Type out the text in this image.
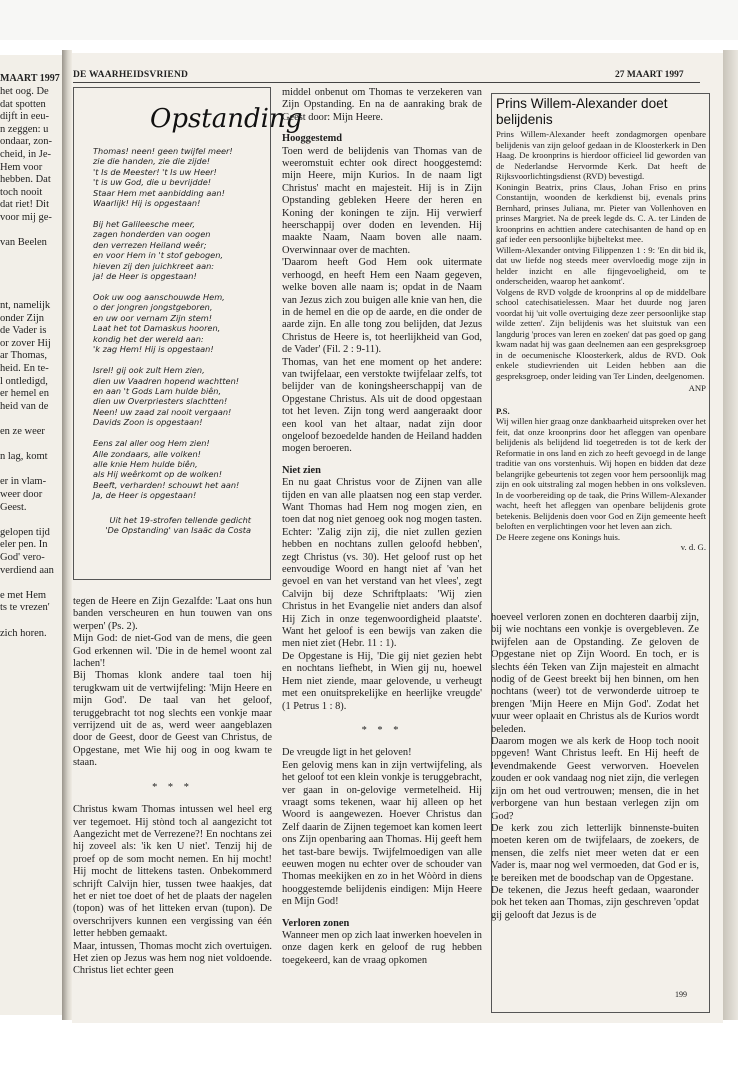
MAART 1997
het oog. De
dat spotten
dijft in eeu-
n zeggen: u
ondaar, zon-
cheid, in Je-
Hem voor
hebben. Dat
toch nooit
dat riet! Dit
voor mij ge-

van Beelen

nt, namelijk
onder Zijn
de Vader is
or zover Hij
ar Thomas,
heid. En te-
l ontledigd,
er hemel en
heid van de

en ze weer

n lag, komt

er in vlam-
weer door
Geest.

gelopen tijd
eler pen. In
God' vero-
verdiend aan

e met Hem
ts te vrezen'

zich horen.
DE WAARHEIDSVRIEND	27 MAART 1997
Opstanding
Thomas! neen! geen twijfel meer!
zie die handen, zie die zijde!
't Is de Meester! 't Is uw Heer!
't is uw God, die u bevrijdde!
Staar Hem met aanbidding aan!
Waarlijk! Hij is opgestaan!
Bij het Galileesche meer,
zagen honderden van oogen
den verrezen Heiland weêr;
en voor Hem in 't stof gebogen,
hieven zij den juichkreet aan:
ja! de Heer is opgestaan!
Ook uw oog aanschouwde Hem,
o der jongren jongstgeboren,
en uw oor vernam Zijn stem!
Laat het tot Damaskus hooren,
kondig het der wereld aan:
'k zag Hem! Hij is opgestaan!
Isrel! gij ook zult Hem zien,
dien uw Vaadren hopend wachtten!
en aan 't Gods Lam hulde biên,
dien uw Overpriesters slachtten!
Neen! uw zaad zal nooit vergaan!
Davids Zoon is opgestaan!
Eens zal aller oog Hem zien!
Alle zondaars, alle volken!
alle knie Hem hulde biên,
als Hij weêrkomt op de wolken!
Beeft, verharden! schouwt het aan!
Ja, de Heer is opgestaan!
Uit het 19-strofen tellende gedicht
'De Opstanding' van Isaäc da Costa

tegen de Heere en Zijn Gezalfde: 'Laat ons hun banden verscheuren en hun touwen van ons werpen' (Ps. 2).

Mijn God: de niet-God van de mens, die geen God erkennen wil. 'Die in de hemel woont zal lachen'!

Bij Thomas klonk andere taal toen hij terugkwam uit de vertwijfeling: 'Mijn Heere en mijn God'. De taal van het geloof, teruggebracht tot nog slechts een vonkje maar verrijzend uit de as, werd weer aangeblazen door de Geest, door de Geest van Christus, de Opgestane, met Wie hij oog in oog kwam te staan.

* * *

Christus kwam Thomas intussen wel heel erg ver tegemoet. Hij stònd toch al aangezicht tot Aangezicht met de Verrezene?! En nochtans zei hij zoveel als: 'ik ken U niet'. Tenzij hij de proef op de som mocht nemen. En hij mocht! Hij mocht de littekens tasten. Onbekommerd schrijft Calvijn hier, tussen twee haakjes, dat het er niet toe doet of het de plaats der nagelen (topon) was of het litteken ervan (tupon). De overschrijvers kunnen een vergissing van één letter hebben gemaakt.

Maar, intussen, Thomas mocht zich overtuigen. Het zien op Jezus was hem nog niet voldoende. Christus liet echter geen

middel onbenut om Thomas te verzekeren van Zijn Opstanding. En na de aanraking brak de Geest door: Mijn Heere.

Hooggestemd

Toen werd de belijdenis van Thomas van de weeromstuit echter ook direct hooggestemd: mijn Heere, mijn Kurios. In de naam ligt Christus' macht en majesteit. Hij is in Zijn Opstanding gebleken Heere der heren en Koning der koningen te zijn. Hij verwierf heerschappij over doden en levenden. Hij maakte Naam, Naam boven alle naam. Overwinnaar over de machten.

'Daarom heeft God Hem ook uitermate verhoogd, en heeft Hem een Naam gegeven, welke boven alle naam is; opdat in de Naam van Jezus zich zou buigen alle knie van hen, die in de hemel en die op de aarde, en die onder de aarde zijn. En alle tong zou belijden, dat Jezus Christus de Heere is, tot heerlijkheid van God, de Vader' (Fil. 2 : 9-11).

Thomas, van het ene moment op het andere: van twijfelaar, een verstokte twijfelaar zelfs, tot belijder van de koningsheerschappij van de Opgestane Christus. Als uit de dood opgestaan tot het leven. Zijn tong werd aangeraakt door een kool van het altaar, nadat zijn door ongeloof bezoedelde handen de Heiland hadden mogen beroeren.

Niet zien

En nu gaat Christus voor de Zijnen van alle tijden en van alle plaatsen nog een stap verder. Want Thomas had Hem nog mogen zien, en toen dat nog niet genoeg ook nog mogen tasten. Echter: 'Zalig zijn zij, die niet zullen gezien hebben en nochtans zullen geloofd hebben', zegt Christus (vs. 30). Het geloof rust op het eenvoudige Woord en hangt niet af 'van het gevoel en van het verstand van het vlees', zegt Calvijn bij deze Schriftplaats: 'Wij zien Christus in het Evangelie niet anders dan alsof Hij Zich in onze tegenwoordigheid plaatste'. Want het geloof is een bewijs van zaken die men niet ziet (Hebr. 11 : 1).

De Opgestane is Hij, 'Die gij niet gezien hebt en nochtans liefhebt, in Wien gij nu, hoewel Hem niet ziende, maar gelovende, u verheugt met een onuitsprekelijke en heerlijke vreugde' (1 Petrus 1 : 8).

* * *

De vreugde ligt in het geloven!

Een gelovig mens kan in zijn vertwijfeling, als het geloof tot een klein vonkje is teruggebracht, ver gaan in on-gelovige vermetelheid. Hij vraagt soms tekenen, waar hij alleen op het Woord is aangewezen. Hoever Christus dan Zelf daarin de Zijnen tegemoet kan komen leert ons Zijn openbaring aan Thomas. Hij geeft hem het tast-bare bewijs. Twijfelmoedigen van alle eeuwen mogen nu echter over de schouder van Thomas meekijken en zo in het Wòòrd in diens hooggestemde belijdenis eindigen: Mijn Heere en Mijn God!

Verloren zonen

Wanneer men op zich laat inwerken hoevelen in onze dagen kerk en geloof de rug hebben toegekeerd, kan de vraag opkomen

hoeveel verloren zonen en dochteren daarbij zijn, bij wie nochtans een vonkje is overgebleven. Ze twijfelen aan de Opstanding. Ze geloven de Opgestane niet op Zijn Woord. En toch, er is slechts één Teken van Zijn majesteit en almacht nodig of de Geest breekt bij hen binnen, om hen nochtans (weer) tot de verwonderde uitroep te brengen 'Mijn Heere en Mijn God'. Zodat het vuur weer oplaait en Christus als de Kurios wordt beleden.

Daarom mogen we als kerk de Hoop toch nooit opgeven! Want Christus leeft. En Hij heeft de levendmakende Geest verworven. Hoevelen zouden er ook vandaag nog niet zijn, die verlegen zijn om het oud vertrouwen; mensen, die in het verborgene van hun bestaan verlegen zijn om God?

De kerk zou zich letterlijk binnenste-buiten moeten keren om de twijfelaars, de zoekers, de mensen, die zelfs niet meer weten dat er een Vader is, maar nog wel vermoeden, dat God er is, te bereiken met de boodschap van de Opgestane.

De tekenen, die Jezus heeft gedaan, waaronder ook het teken aan Thomas, zijn geschreven 'opdat gij gelooft dat Jezus is de

Prins Willem-Alexander doet belijdenis

Prins Willem-Alexander heeft zondagmorgen openbare belijdenis van zijn geloof gedaan in de Kloosterkerk in Den Haag. De kroonprins is hierdoor officieel lid geworden van de Nederlandse Hervormde Kerk. Dat heeft de Rijksvoorlichtingsdienst (RVD) bevestigd.

Koningin Beatrix, prins Claus, Johan Friso en prins Constantijn, woonden de kerkdienst bij, evenals prins Bernhard, prinses Juliana, mr. Pieter van Vollenhoven en prinses Margriet. Na de preek legde ds. C. A. ter Linden de kroonprins en achttien andere catechisanten de hand op en gaf ieder een persoonlijke bijbeltekst mee.

Willem-Alexander ontving Filippenzen 1 : 9: 'En dit bid ik, dat uw liefde nog steeds meer overvloedig moge zijn in helder inzicht en alle fijngevoeligheid, om te onderscheiden, waarop het aankomt'.

Volgens de RVD volgde de kroonprins al op de middelbare school catechisatielessen. Maar het duurde nog jaren voordat hij 'uit volle overtuiging deze zeer persoonlijke stap wilde zetten'. Zijn belijdenis was het sluitstuk van een langdurig 'proces van leren en zoeken' dat pas goed op gang kwam nadat hij was gaan deelnemen aan een gespreksgroep in de oecumenische Kloosterkerk, aldus de RVD. Ook enkele studievrienden uit Leiden hebben aan die gespreksgroep, onder leiding van Ter Linden, deelgenomen.

ANP

P.S.

Wij willen hier graag onze dankbaarheid uitspreken over het feit, dat onze kroonprins door het afleggen van openbare belijdenis als belijdend lid toegetreden is tot de kerk der Reformatie in ons land en zich zo heeft gevoegd in de lange traditie van ons vorstenhuis. Wij hopen en bidden dat deze belangrijke gebeurtenis tot zegen voor hem persoonlijk mag zijn en ook uitstraling zal mogen hebben in ons volksleven. In de voorbereiding op de taak, die Prins Willem-Alexander wacht, heeft het afleggen van openbare belijdenis grote betekenis. Belijdenis doen voor God en Zijn gemeente heeft beloften en verplichtingen voor het leven aan zich.

De Heere zegene ons Konings huis.

v. d. G.

199
